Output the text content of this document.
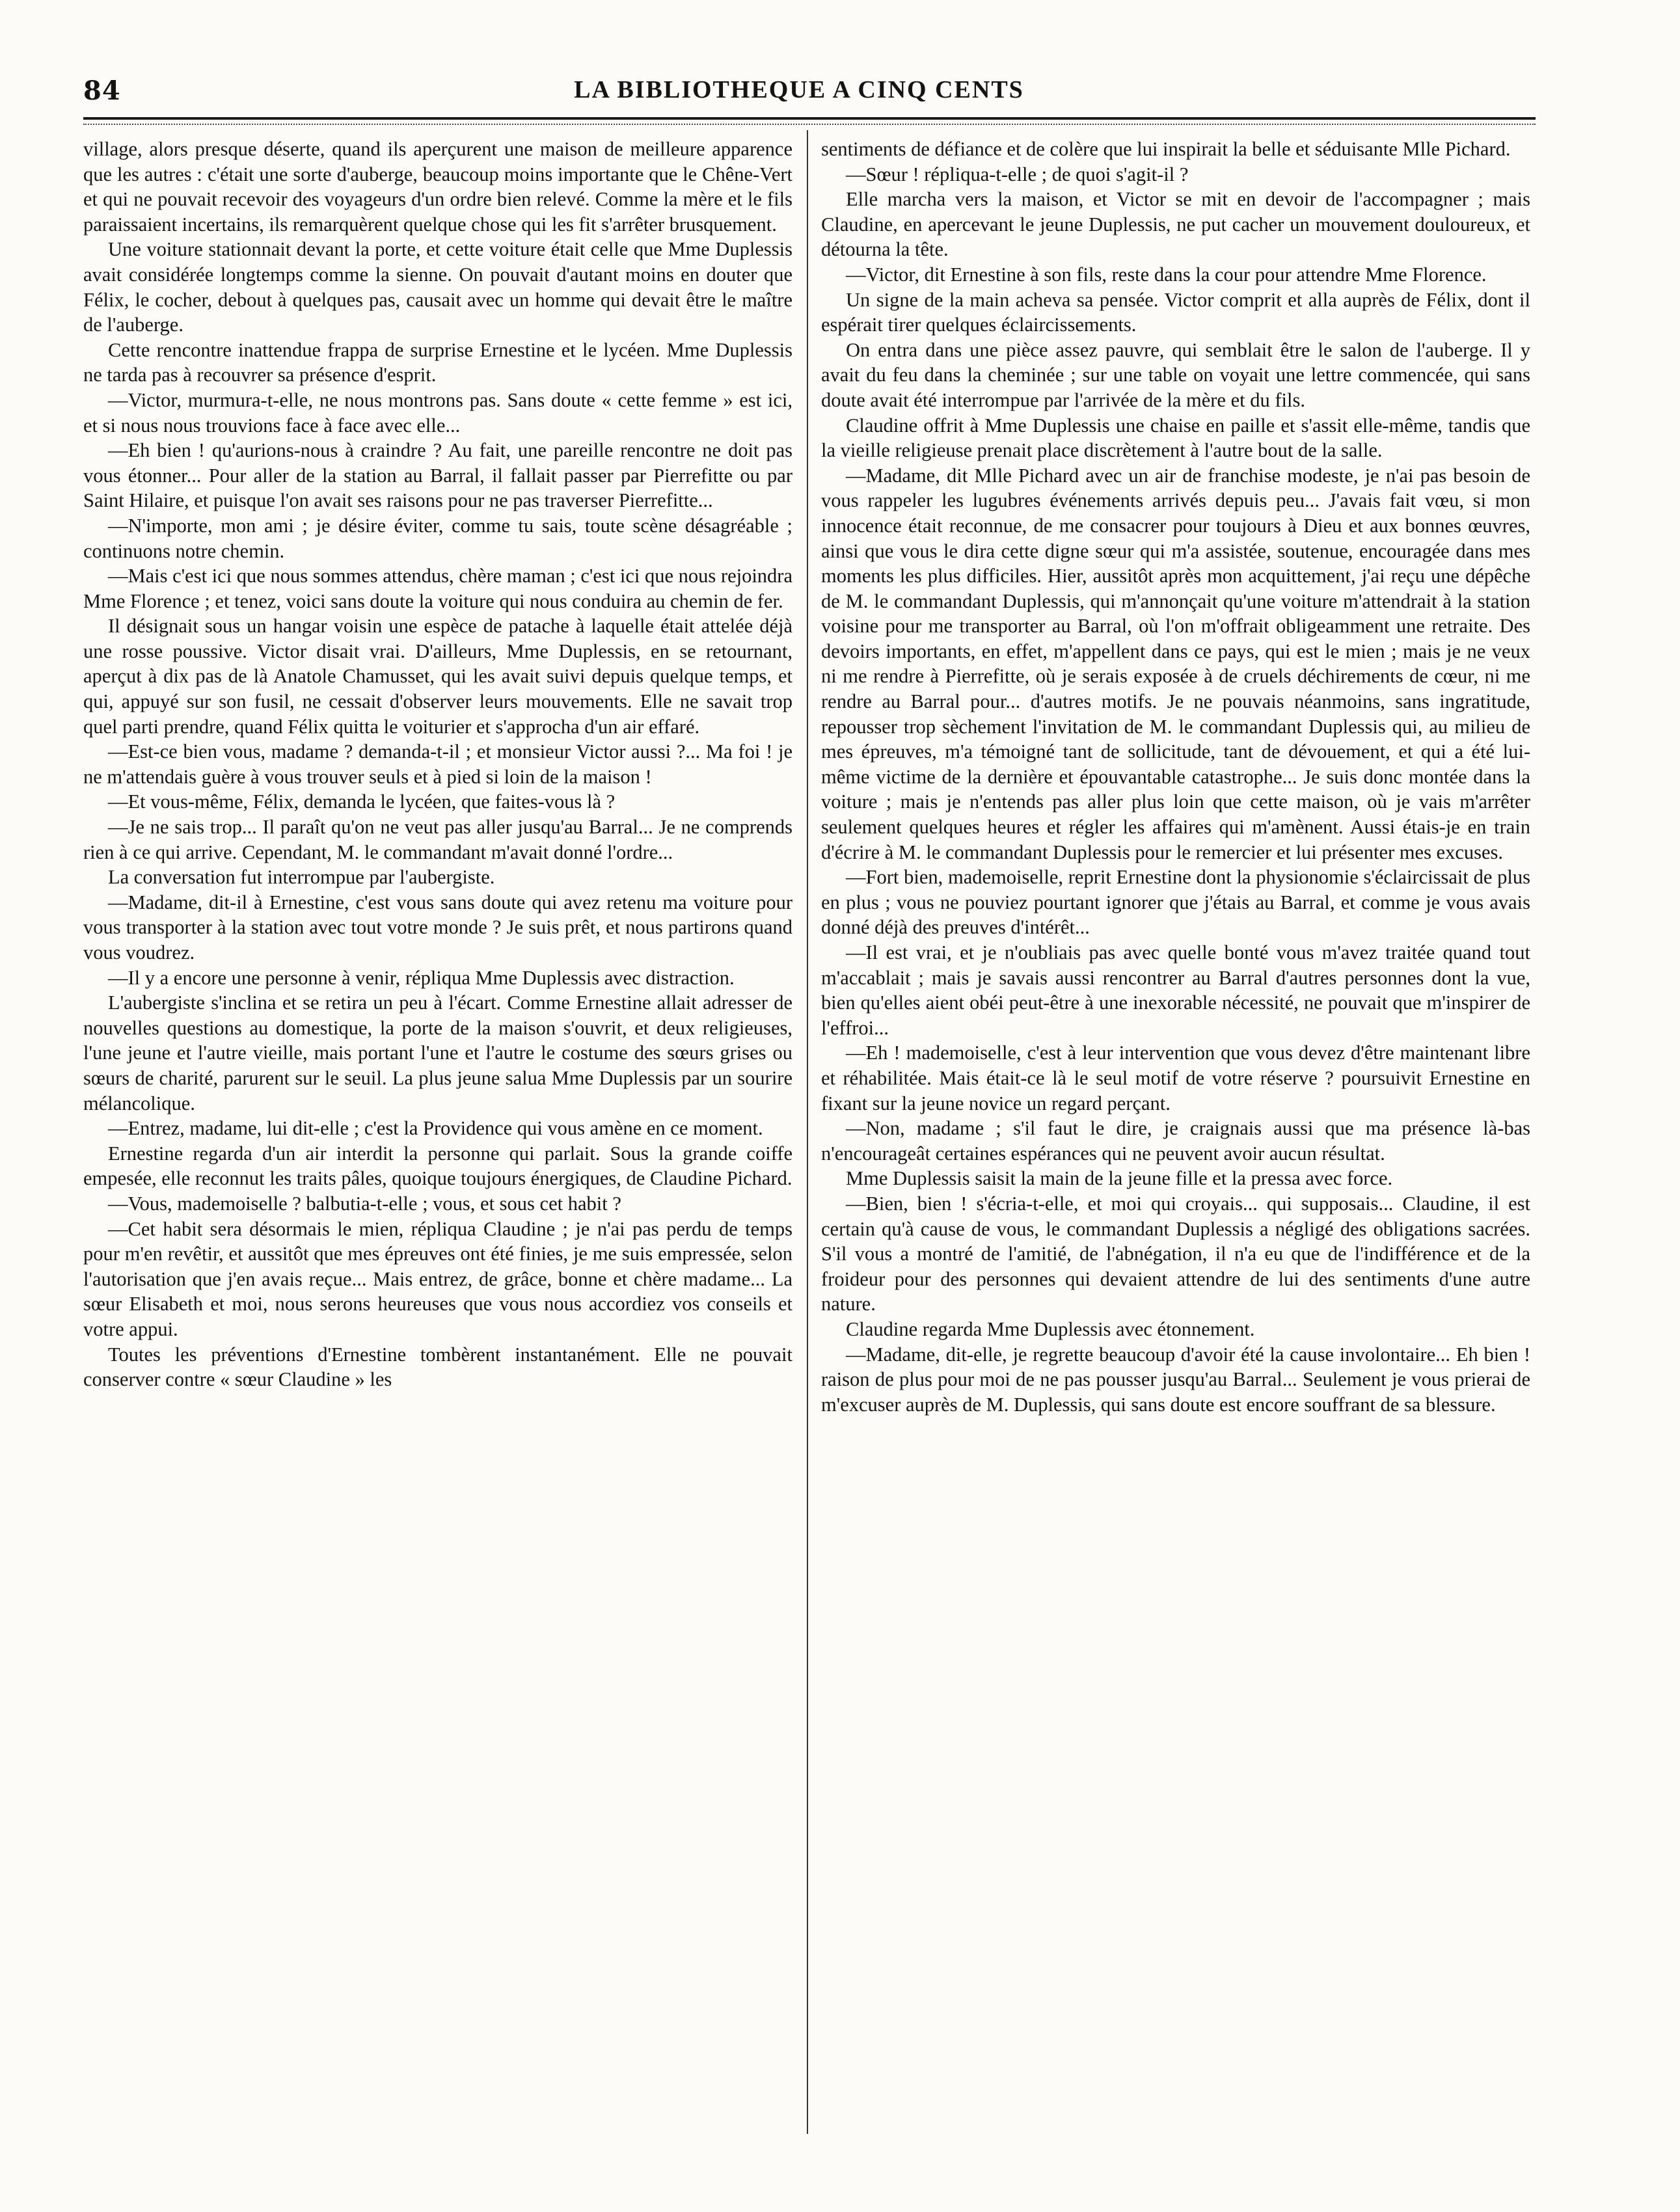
84	LA BIBLIOTHEQUE A CINQ CENTS

village, alors presque déserte, quand ils aperçurent une maison de meilleure apparence que les autres : c'était une sorte d'auberge, beaucoup moins importante que le Chêne-Vert et qui ne pouvait recevoir des voyageurs d'un ordre bien relevé. Comme la mère et le fils paraissaient incertains, ils remarquèrent quelque chose qui les fit s'arrêter brusquement.

Une voiture stationnait devant la porte, et cette voiture était celle que Mme Duplessis avait considérée longtemps comme la sienne. On pouvait d'autant moins en douter que Félix, le cocher, debout à quelques pas, causait avec un homme qui devait être le maître de l'auberge.

Cette rencontre inattendue frappa de surprise Ernestine et le lycéen. Mme Duplessis ne tarda pas à recouvrer sa présence d'esprit.

—Victor, murmura-t-elle, ne nous montrons pas. Sans doute « cette femme » est ici, et si nous nous trouvions face à face avec elle...

—Eh bien ! qu'aurions-nous à craindre ? Au fait, une pareille rencontre ne doit pas vous étonner... Pour aller de la station au Barral, il fallait passer par Pierrefitte ou par Saint Hilaire, et puisque l'on avait ses raisons pour ne pas traverser Pierrefitte...

—N'importe, mon ami ; je désire éviter, comme tu sais, toute scène désagréable ; continuons notre chemin.

—Mais c'est ici que nous sommes attendus, chère maman ; c'est ici que nous rejoindra Mme Florence ; et tenez, voici sans doute la voiture qui nous conduira au chemin de fer.

Il désignait sous un hangar voisin une espèce de patache à laquelle était attelée déjà une rosse poussive. Victor disait vrai. D'ailleurs, Mme Duplessis, en se retournant, aperçut à dix pas de là Anatole Chamusset, qui les avait suivi depuis quelque temps, et qui, appuyé sur son fusil, ne cessait d'observer leurs mouvements. Elle ne savait trop quel parti prendre, quand Félix quitta le voiturier et s'approcha d'un air effaré.

—Est-ce bien vous, madame ? demanda-t-il ; et monsieur Victor aussi ?... Ma foi ! je ne m'attendais guère à vous trouver seuls et à pied si loin de la maison !

—Et vous-même, Félix, demanda le lycéen, que faites-vous là ?

—Je ne sais trop... Il paraît qu'on ne veut pas aller jusqu'au Barral... Je ne comprends rien à ce qui arrive. Cependant, M. le commandant m'avait donné l'ordre...

La conversation fut interrompue par l'aubergiste.

—Madame, dit-il à Ernestine, c'est vous sans doute qui avez retenu ma voiture pour vous transporter à la station avec tout votre monde ? Je suis prêt, et nous partirons quand vous voudrez.

—Il y a encore une personne à venir, répliqua Mme Duplessis avec distraction.

L'aubergiste s'inclina et se retira un peu à l'écart. Comme Ernestine allait adresser de nouvelles questions au domestique, la porte de la maison s'ouvrit, et deux religieuses, l'une jeune et l'autre vieille, mais portant l'une et l'autre le costume des sœurs grises ou sœurs de charité, parurent sur le seuil. La plus jeune salua Mme Duplessis par un sourire mélancolique.

—Entrez, madame, lui dit-elle ; c'est la Providence qui vous amène en ce moment.

Ernestine regarda d'un air interdit la personne qui parlait. Sous la grande coiffe empesée, elle reconnut les traits pâles, quoique toujours énergiques, de Claudine Pichard.

—Vous, mademoiselle ? balbutia-t-elle ; vous, et sous cet habit ?

—Cet habit sera désormais le mien, répliqua Claudine ; je n'ai pas perdu de temps pour m'en revêtir, et aussitôt que mes épreuves ont été finies, je me suis empressée, selon l'autorisation que j'en avais reçue... Mais entrez, de grâce, bonne et chère madame... La sœur Elisabeth et moi, nous serons heureuses que vous nous accordiez vos conseils et votre appui.

Toutes les préventions d'Ernestine tombèrent instantanément. Elle ne pouvait conserver contre « sœur Claudine » les

sentiments de défiance et de colère que lui inspirait la belle et séduisante Mlle Pichard.

—Sœur ! répliqua-t-elle ; de quoi s'agit-il ?

Elle marcha vers la maison, et Victor se mit en devoir de l'accompagner ; mais Claudine, en apercevant le jeune Duplessis, ne put cacher un mouvement douloureux, et détourna la tête.

—Victor, dit Ernestine à son fils, reste dans la cour pour attendre Mme Florence.

Un signe de la main acheva sa pensée. Victor comprit et alla auprès de Félix, dont il espérait tirer quelques éclaircissements.

On entra dans une pièce assez pauvre, qui semblait être le salon de l'auberge. Il y avait du feu dans la cheminée ; sur une table on voyait une lettre commencée, qui sans doute avait été interrompue par l'arrivée de la mère et du fils.

Claudine offrit à Mme Duplessis une chaise en paille et s'assit elle-même, tandis que la vieille religieuse prenait place discrètement à l'autre bout de la salle.

—Madame, dit Mlle Pichard avec un air de franchise modeste, je n'ai pas besoin de vous rappeler les lugubres événements arrivés depuis peu... J'avais fait vœu, si mon innocence était reconnue, de me consacrer pour toujours à Dieu et aux bonnes œuvres, ainsi que vous le dira cette digne sœur qui m'a assistée, soutenue, encouragée dans mes moments les plus difficiles. Hier, aussitôt après mon acquittement, j'ai reçu une dépêche de M. le commandant Duplessis, qui m'annonçait qu'une voiture m'attendrait à la station voisine pour me transporter au Barral, où l'on m'offrait obligeamment une retraite. Des devoirs importants, en effet, m'appellent dans ce pays, qui est le mien ; mais je ne veux ni me rendre à Pierrefitte, où je serais exposée à de cruels déchirements de cœur, ni me rendre au Barral pour... d'autres motifs. Je ne pouvais néanmoins, sans ingratitude, repousser trop sèchement l'invitation de M. le commandant Duplessis qui, au milieu de mes épreuves, m'a témoigné tant de sollicitude, tant de dévouement, et qui a été lui-même victime de la dernière et épouvantable catastrophe... Je suis donc montée dans la voiture ; mais je n'entends pas aller plus loin que cette maison, où je vais m'arrêter seulement quelques heures et régler les affaires qui m'amènent. Aussi étais-je en train d'écrire à M. le commandant Duplessis pour le remercier et lui présenter mes excuses.

—Fort bien, mademoiselle, reprit Ernestine dont la physionomie s'éclaircissait de plus en plus ; vous ne pouviez pourtant ignorer que j'étais au Barral, et comme je vous avais donné déjà des preuves d'intérêt...

—Il est vrai, et je n'oubliais pas avec quelle bonté vous m'avez traitée quand tout m'accablait ; mais je savais aussi rencontrer au Barral d'autres personnes dont la vue, bien qu'elles aient obéi peut-être à une inexorable nécessité, ne pouvait que m'inspirer de l'effroi...

—Eh ! mademoiselle, c'est à leur intervention que vous devez d'être maintenant libre et réhabilitée. Mais était-ce là le seul motif de votre réserve ? poursuivit Ernestine en fixant sur la jeune novice un regard perçant.

—Non, madame ; s'il faut le dire, je craignais aussi que ma présence là-bas n'encourageât certaines espérances qui ne peuvent avoir aucun résultat.

Mme Duplessis saisit la main de la jeune fille et la pressa avec force.

—Bien, bien ! s'écria-t-elle, et moi qui croyais... qui supposais... Claudine, il est certain qu'à cause de vous, le commandant Duplessis a négligé des obligations sacrées. S'il vous a montré de l'amitié, de l'abnégation, il n'a eu que de l'indifférence et de la froideur pour des personnes qui devaient attendre de lui des sentiments d'une autre nature.

Claudine regarda Mme Duplessis avec étonnement.

—Madame, dit-elle, je regrette beaucoup d'avoir été la cause involontaire... Eh bien ! raison de plus pour moi de ne pas pousser jusqu'au Barral... Seulement je vous prierai de m'excuser auprès de M. Duplessis, qui sans doute est encore souffrant de sa blessure.
